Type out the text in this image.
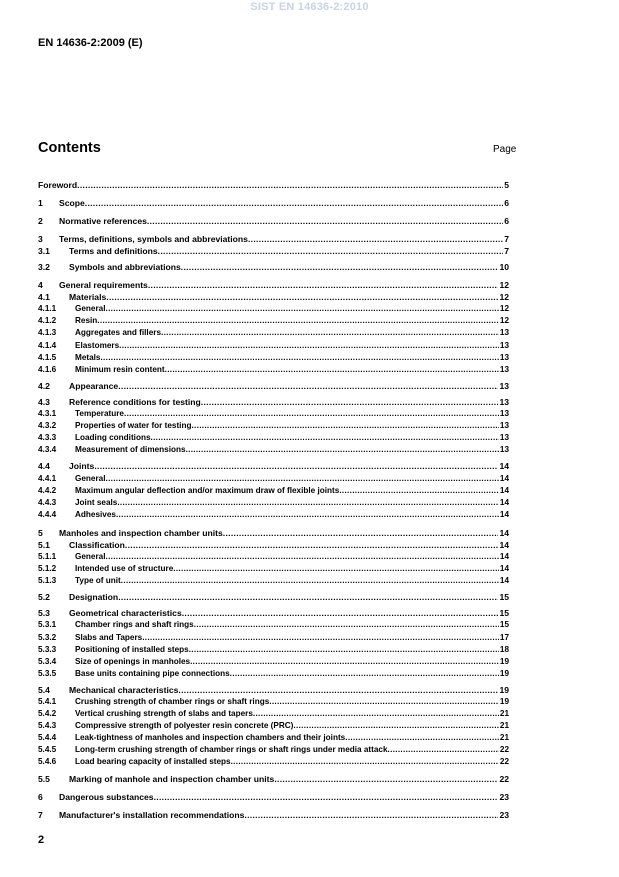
SIST EN 14636-2:2010
EN 14636-2:2009 (E)
Contents	Page
Foreword .....	5
1	Scope .....	6
2	Normative references .....	6
3	Terms, definitions, symbols and abbreviations .....	7
3.1	Terms and definitions .....	7
3.2	Symbols and abbreviations .....	10
4	General requirements .....	12
4.1	Materials .....	12
4.1.1	General .....	12
4.1.2	Resin .....	12
4.1.3	Aggregates and fillers .....	13
4.1.4	Elastomers .....	13
4.1.5	Metals .....	13
4.1.6	Minimum resin content .....	13
4.2	Appearance .....	13
4.3	Reference conditions for testing .....	13
4.3.1	Temperature .....	13
4.3.2	Properties of water for testing .....	13
4.3.3	Loading conditions .....	13
4.3.4	Measurement of dimensions .....	13
4.4	Joints .....	14
4.4.1	General .....	14
4.4.2	Maximum angular deflection and/or maximum draw of flexible joints .....	14
4.4.3	Joint seals .....	14
4.4.4	Adhesives .....	14
5	Manholes and inspection chamber units .....	14
5.1	Classification .....	14
5.1.1	General .....	14
5.1.2	Intended use of structure .....	14
5.1.3	Type of unit .....	14
5.2	Designation .....	15
5.3	Geometrical characteristics .....	15
5.3.1	Chamber rings and shaft rings .....	15
5.3.2	Slabs and Tapers .....	17
5.3.3	Positioning of installed steps .....	18
5.3.4	Size of openings in manholes .....	19
5.3.5	Base units containing pipe connections .....	19
5.4	Mechanical characteristics .....	19
5.4.1	Crushing strength of chamber rings or shaft rings .....	19
5.4.2	Vertical crushing strength of slabs and tapers .....	21
5.4.3	Compressive strength of polyester resin concrete (PRC) .....	21
5.4.4	Leak-tightness of manholes and inspection chambers and their joints .....	21
5.4.5	Long-term crushing strength of chamber rings or shaft rings under media attack .....	22
5.4.6	Load bearing capacity of installed steps .....	22
5.5	Marking of manhole and inspection chamber units .....	22
6	Dangerous substances .....	23
7	Manufacturer's installation recommendations .....	23
2
